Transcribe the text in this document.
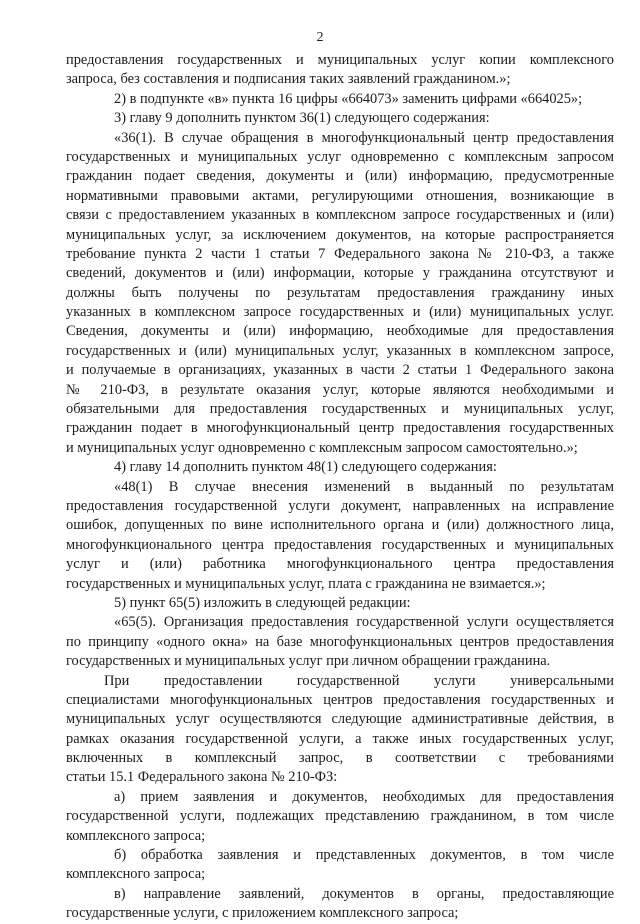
2
предоставления государственных и муниципальных услуг копии комплексного
запроса, без составления и подписания таких заявлений гражданином.»;
2) в подпункте «в» пункта 16 цифры «664073» заменить цифрами «664025»;
3) главу 9 дополнить пунктом 36(1) следующего содержания:
«36(1). В случае обращения в многофункциональный центр предоставления
государственных и муниципальных услуг одновременно с комплексным запросом
гражданин подает сведения, документы и (или) информацию, предусмотренные
нормативными правовыми актами, регулирующими отношения, возникающие в
связи с предоставлением указанных в комплексном запросе государственных и (или)
муниципальных услуг, за исключением документов, на которые распространяется
требование пункта 2 части 1 статьи 7 Федерального закона № 210-ФЗ, а также
сведений, документов и (или) информации, которые у гражданина отсутствуют и
должны быть получены по результатам предоставления гражданину иных
указанных в комплексном запросе государственных и (или) муниципальных услуг.
Сведения, документы и (или) информацию, необходимые для предоставления
государственных и (или) муниципальных услуг, указанных в комплексном запросе,
и получаемые в организациях, указанных в части 2 статьи 1 Федерального закона
№ 210-ФЗ, в результате оказания услуг, которые являются необходимыми и
обязательными для предоставления государственных и муниципальных услуг,
гражданин подает в многофункциональный центр предоставления государственных
и муниципальных услуг одновременно с комплексным запросом самостоятельно.»;
4) главу 14 дополнить пунктом 48(1) следующего содержания:
«48(1) В случае внесения изменений в выданный по результатам
предоставления государственной услуги документ, направленных на исправление
ошибок, допущенных по вине исполнительного органа и (или) должностного лица,
многофункционального центра предоставления государственных и муниципальных
услуг и (или) работника многофункционального центра предоставления
государственных и муниципальных услуг, плата с гражданина не взимается.»;
5) пункт 65(5) изложить в следующей редакции:
«65(5). Организация предоставления государственной услуги осуществляется
по принципу «одного окна» на базе многофункциональных центров предоставления
государственных и муниципальных услуг при личном обращении гражданина.
При предоставлении государственной услуги универсальными
специалистами многофункциональных центров предоставления государственных и
муниципальных услуг осуществляются следующие административные действия, в
рамках оказания государственной услуги, а также иных государственных услуг,
включенных в комплексный запрос, в соответствии с требованиями
статьи 15.1 Федерального закона № 210-ФЗ:
а) прием заявления и документов, необходимых для предоставления
государственной услуги, подлежащих представлению гражданином, в том числе
комплексного запроса;
б) обработка заявления и представленных документов, в том числе
комплексного запроса;
в) направление заявлений, документов в органы, предоставляющие
государственные услуги, с приложением комплексного запроса;
